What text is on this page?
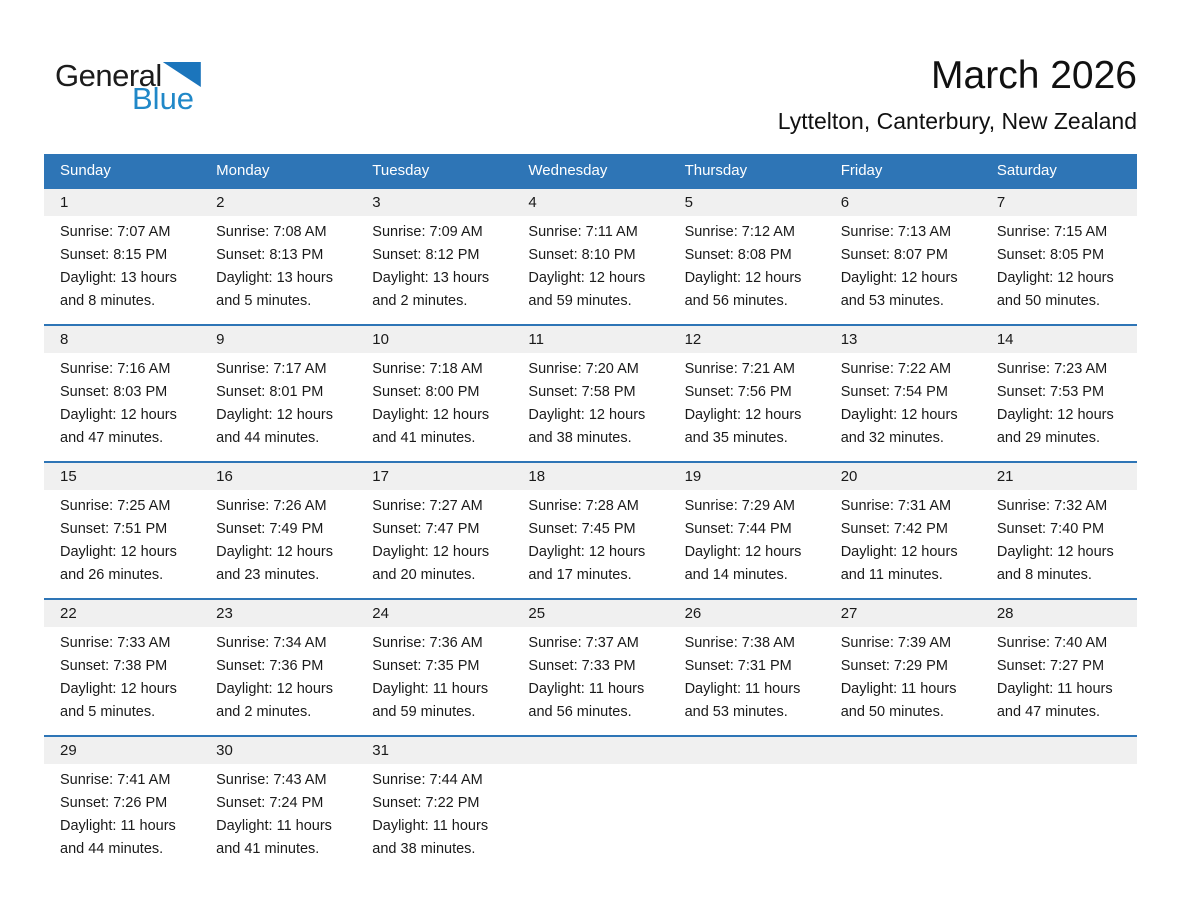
General
Blue
March 2026
Lyttelton, Canterbury, New Zealand
Sunday	Monday	Tuesday	Wednesday	Thursday	Friday	Saturday
1	2	3	4	5	6	7
Sunrise: 7:07 AM
Sunset: 8:15 PM
Daylight: 13 hours
and 8 minutes.
Sunrise: 7:08 AM
Sunset: 8:13 PM
Daylight: 13 hours
and 5 minutes.
Sunrise: 7:09 AM
Sunset: 8:12 PM
Daylight: 13 hours
and 2 minutes.
Sunrise: 7:11 AM
Sunset: 8:10 PM
Daylight: 12 hours
and 59 minutes.
Sunrise: 7:12 AM
Sunset: 8:08 PM
Daylight: 12 hours
and 56 minutes.
Sunrise: 7:13 AM
Sunset: 8:07 PM
Daylight: 12 hours
and 53 minutes.
Sunrise: 7:15 AM
Sunset: 8:05 PM
Daylight: 12 hours
and 50 minutes.
8	9	10	11	12	13	14
Sunrise: 7:16 AM
Sunset: 8:03 PM
Daylight: 12 hours
and 47 minutes.
Sunrise: 7:17 AM
Sunset: 8:01 PM
Daylight: 12 hours
and 44 minutes.
Sunrise: 7:18 AM
Sunset: 8:00 PM
Daylight: 12 hours
and 41 minutes.
Sunrise: 7:20 AM
Sunset: 7:58 PM
Daylight: 12 hours
and 38 minutes.
Sunrise: 7:21 AM
Sunset: 7:56 PM
Daylight: 12 hours
and 35 minutes.
Sunrise: 7:22 AM
Sunset: 7:54 PM
Daylight: 12 hours
and 32 minutes.
Sunrise: 7:23 AM
Sunset: 7:53 PM
Daylight: 12 hours
and 29 minutes.
15	16	17	18	19	20	21
Sunrise: 7:25 AM
Sunset: 7:51 PM
Daylight: 12 hours
and 26 minutes.
Sunrise: 7:26 AM
Sunset: 7:49 PM
Daylight: 12 hours
and 23 minutes.
Sunrise: 7:27 AM
Sunset: 7:47 PM
Daylight: 12 hours
and 20 minutes.
Sunrise: 7:28 AM
Sunset: 7:45 PM
Daylight: 12 hours
and 17 minutes.
Sunrise: 7:29 AM
Sunset: 7:44 PM
Daylight: 12 hours
and 14 minutes.
Sunrise: 7:31 AM
Sunset: 7:42 PM
Daylight: 12 hours
and 11 minutes.
Sunrise: 7:32 AM
Sunset: 7:40 PM
Daylight: 12 hours
and 8 minutes.
22	23	24	25	26	27	28
Sunrise: 7:33 AM
Sunset: 7:38 PM
Daylight: 12 hours
and 5 minutes.
Sunrise: 7:34 AM
Sunset: 7:36 PM
Daylight: 12 hours
and 2 minutes.
Sunrise: 7:36 AM
Sunset: 7:35 PM
Daylight: 11 hours
and 59 minutes.
Sunrise: 7:37 AM
Sunset: 7:33 PM
Daylight: 11 hours
and 56 minutes.
Sunrise: 7:38 AM
Sunset: 7:31 PM
Daylight: 11 hours
and 53 minutes.
Sunrise: 7:39 AM
Sunset: 7:29 PM
Daylight: 11 hours
and 50 minutes.
Sunrise: 7:40 AM
Sunset: 7:27 PM
Daylight: 11 hours
and 47 minutes.
29	30	31
Sunrise: 7:41 AM
Sunset: 7:26 PM
Daylight: 11 hours
and 44 minutes.
Sunrise: 7:43 AM
Sunset: 7:24 PM
Daylight: 11 hours
and 41 minutes.
Sunrise: 7:44 AM
Sunset: 7:22 PM
Daylight: 11 hours
and 38 minutes.
